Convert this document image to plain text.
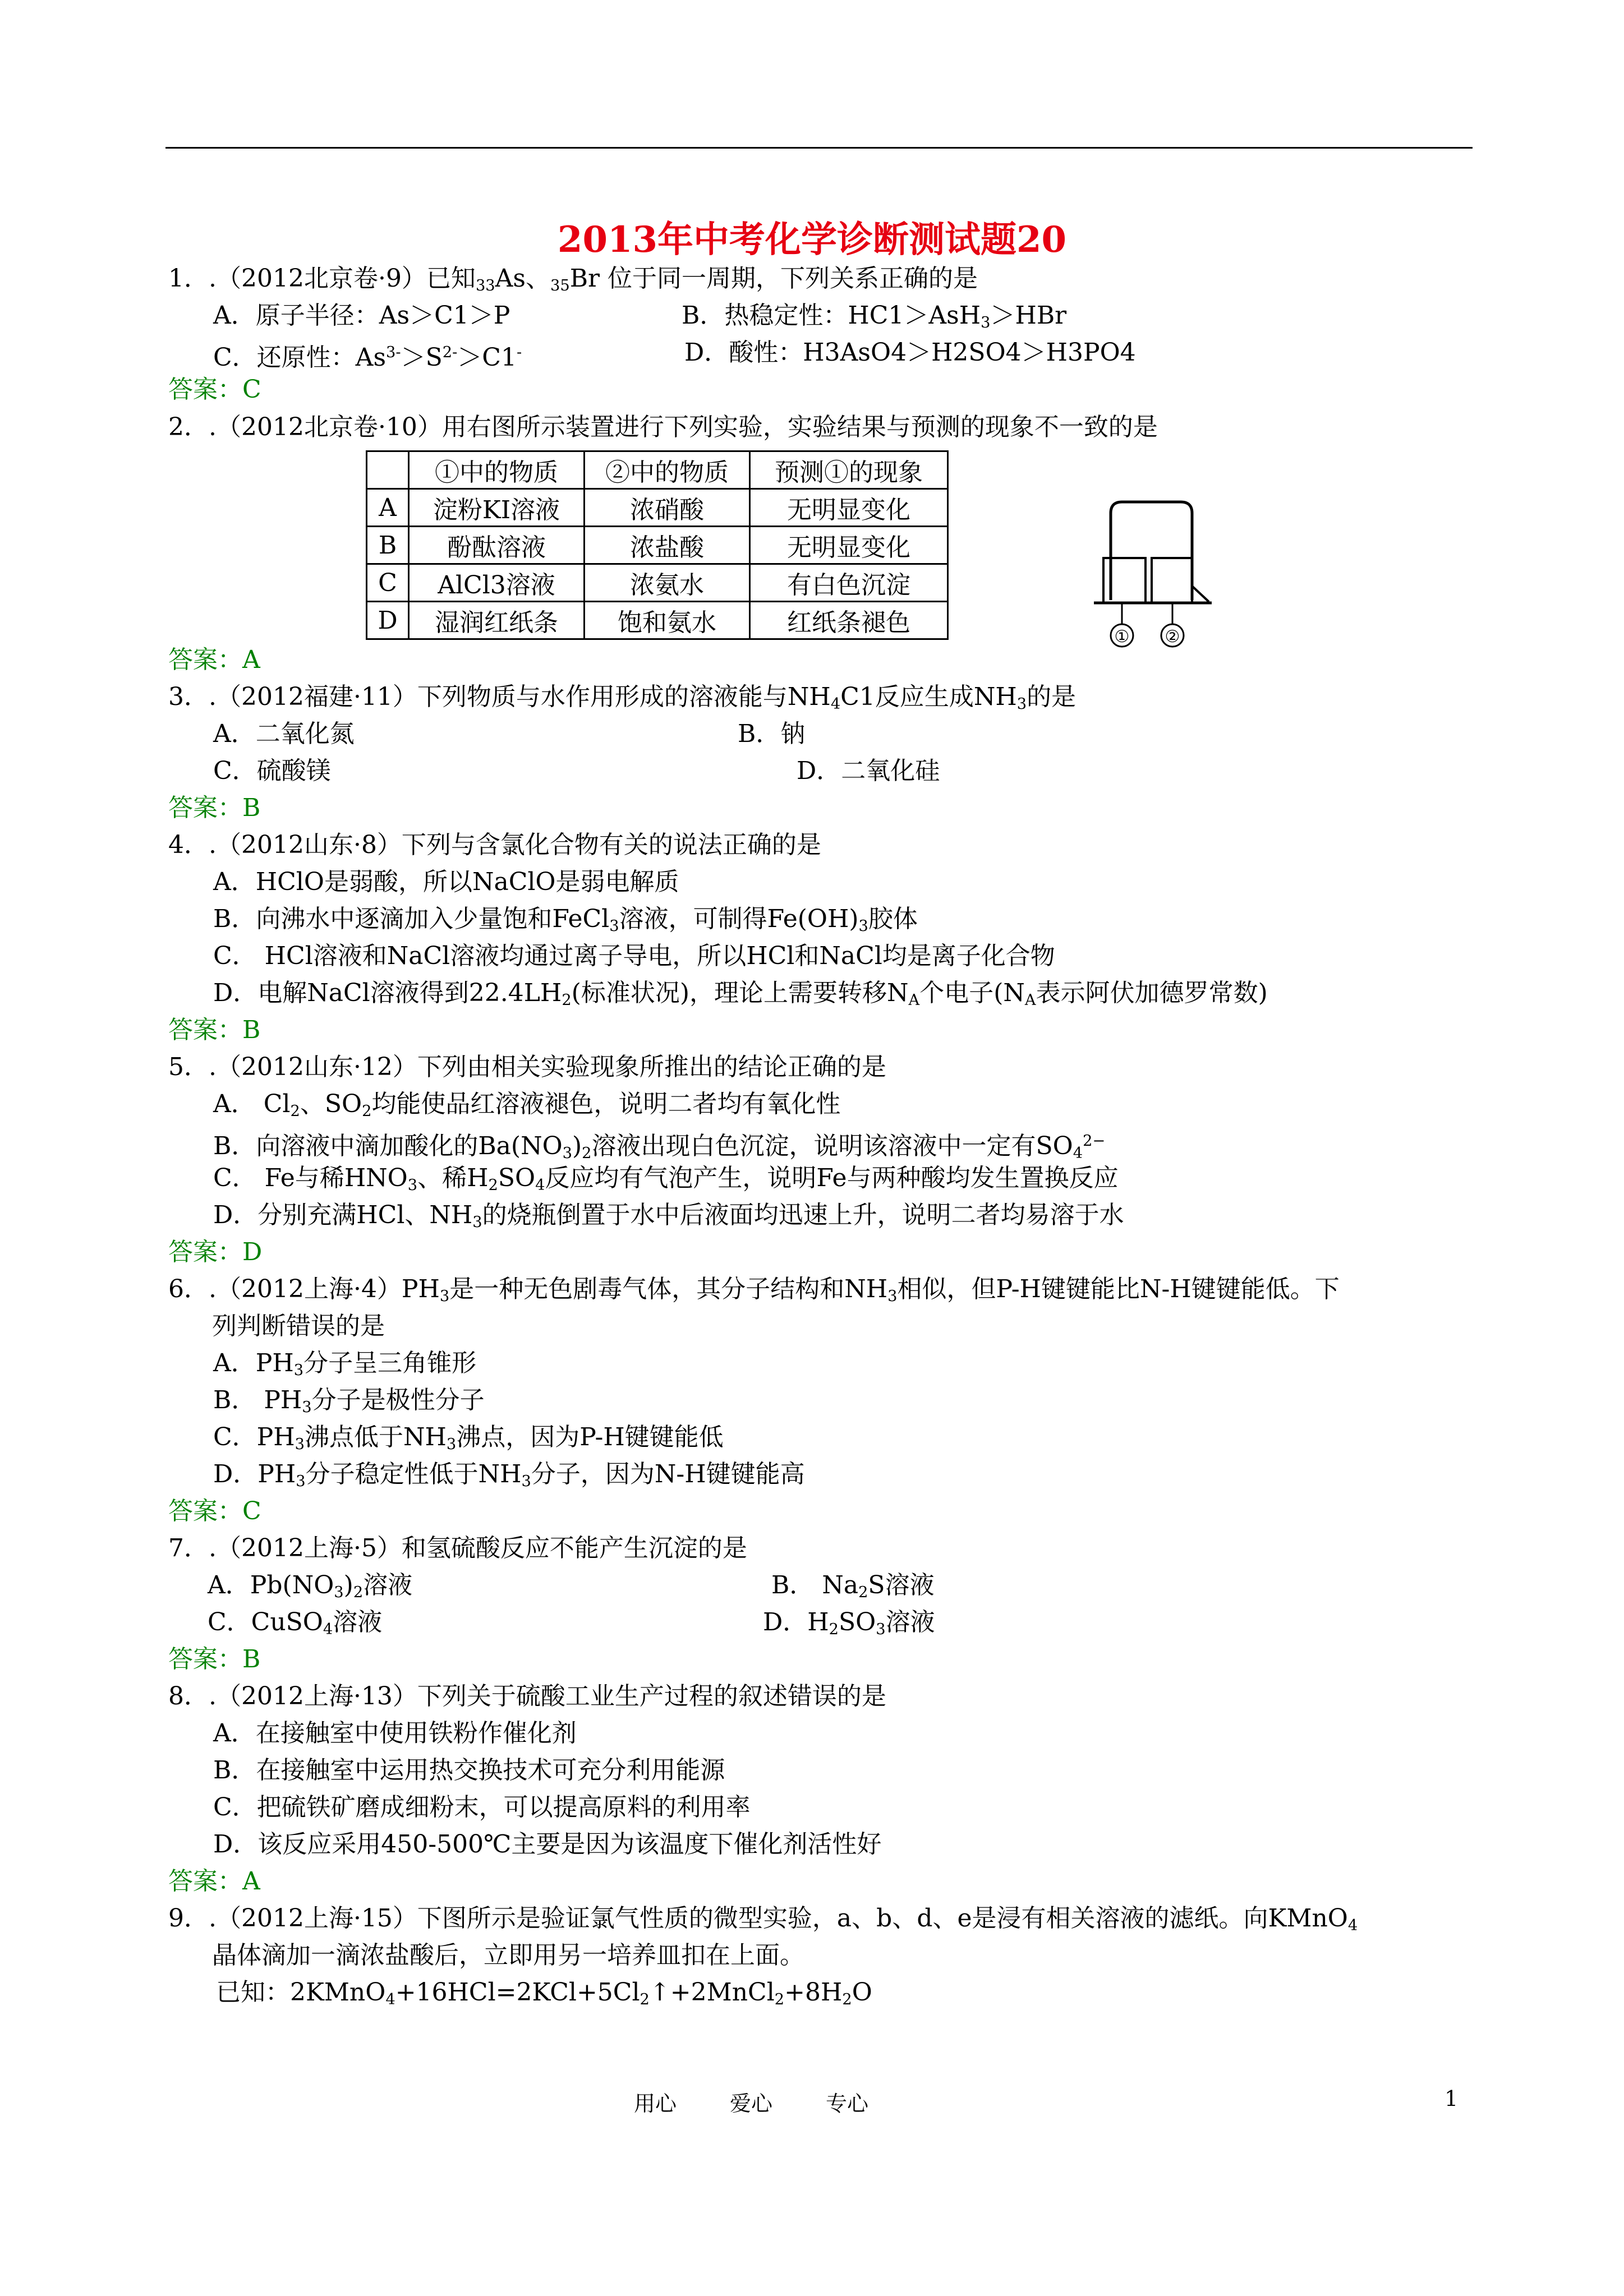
2013年中考化学诊断测试题20
1．.（2012北京卷·9）已知$_{33}$As、$_{35}$Br 位于同一周期，下列关系正确的是
A．原子半径：As＞C1＞P	B．热稳定性：HC1＞AsH$_3$＞HBr
C．还原性：$As^{3-}>S^{2-}>C1^-$	D．酸性：H3AsO4＞H2SO4＞H3PO4
答案：C
2．.（2012北京卷·10）用右图所示装置进行下列实验，实验结果与预测的现象不一致的是
	①中的物质	②中的物质	预测①的现象
A	淀粉KI溶液	浓硝酸	无明显变化
B	酚酞溶液	浓盐酸	无明显变化
C	AlCl3溶液	浓氨水	有白色沉淀
D	湿润红纸条	饱和氨水	红纸条褪色	① ②
答案：A
3．.（2012福建·11）下列物质与水作用形成的溶液能与$NH_4C1$反应生成$NH_3$的是
A．二氧化氮	B．钠
C．硫酸镁	D．二氧化硅
答案：B
4．.（2012山东·8）下列与含氯化合物有关的说法正确的是
A．HClO是弱酸，所以NaClO是弱电解质
B．向沸水中逐滴加入少量饱和FeCl$_3$溶液，可制得$Fe(OH)_3$胶体
C． HCl溶液和NaCl溶液均通过离子导电，所以HCl和NaCl均是离子化合物
D．电解NaCl溶液得到$22.4LH_2$(标准状况)，理论上需要转移$N_A$个电子($N_A$表示阿伏加德罗常数)
答案：B
5．.（2012山东·12）下列由相关实验现象所推出的结论正确的是
A． $Cl_2$、$SO_2$均能使品红溶液褪色，说明二者均有氧化性
B．向溶液中滴加酸化的$Ba(NO_3)_2$溶液出现白色沉淀，说明该溶液中一定有$SO_4^{2-}$
C． Fe与稀$HNO_3$、稀$H_2SO_4$反应均有气泡产生，说明Fe与两种酸均发生置换反应
D．分别充满HCl、$NH_3$的烧瓶倒置于水中后液面均迅速上升，说明二者均易溶于水
答案：D
6．.（2012上海$\cdot 4)PH_3$是一种无色剧毒气体，其分子结构和$NH_3$相似，但P-H键键能比N-H键键能低。下
列判断错误的是
A．$PH_3$分子呈三角锥形
B． $PH_3$分子是极性分子
C．$PH_3$沸点低于$NH_3$沸点，因为P-H键键能低
D．$PH_3$分子稳定性低于$NH_3$分子，因为N-H键键能高
答案：C
7．.（2012上海·5）和氢硫酸反应不能产生沉淀的是
A．$Pb(NO_3)_2$溶液	B． $Na_2S$溶液
C．CuSO$_4$溶液	D．$H_2SO_3$溶液
答案：B
8．.（2012上海·13）下列关于硫酸工业生产过程的叙述错误的是
A．在接触室中使用铁粉作催化剂
B．在接触室中运用热交换技术可充分利用能源
C．把硫铁矿磨成细粉末，可以提高原料的利用率
D．该反应采用450-500℃主要是因为该温度下催化剂活性好
答案：A
9．.（2012上海·15）下图所示是验证氯气性质的微型实验，a、b、d、e是浸有相关溶液的滤纸。向KMnO$_4$
晶体滴加一滴浓盐酸后，立即用另一培养皿扣在上面。
已知：$2KMnO_4+16HCl=2KCl+5Cl_2↑+2MnCl_2+8H_2O$
用心	爱心	专心	1
